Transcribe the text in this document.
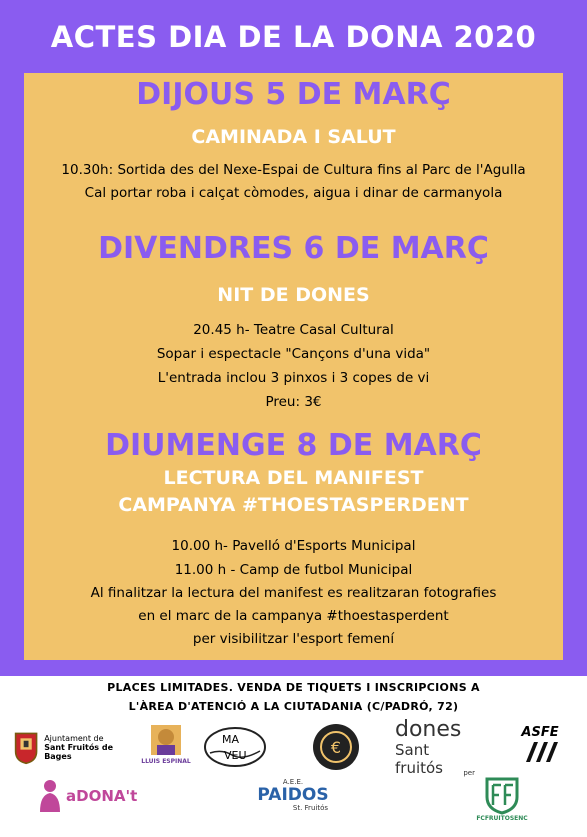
ACTES DIA DE LA DONA 2020
DIJOUS 5 DE MARÇ
CAMINADA I SALUT
10.30h: Sortida des del Nexe-Espai de Cultura fins al Parc de l'Agulla
Cal portar roba i calçat còmodes, aigua i dinar de carmanyola
DIVENDRES 6 DE MARÇ
NIT DE DONES
20.45 h- Teatre Casal Cultural
Sopar i espectacle "Cançons d'una vida"
L'entrada inclou 3 pinxos i 3 copes de vi
Preu: 3€
DIUMENGE 8 DE MARÇ
LECTURA DEL MANIFEST
CAMPANYA #THOESTASPERDENT
10.00 h- Pavelló d'Esports Municipal
11.00 h - Camp de futbol Municipal
Al finalitzar la lectura del manifest es realitzaran fotografies
en el marc de la campanya #thoestasperdent
per visibilitzar l'esport femení
PLACES LIMITADES. VENDA DE TIQUETS I INSCRIPCIONS A
L'ÀREA D'ATENCIÓ A LA CIUTADANIA (C/PADRÓ, 72)
Ajuntament de
Sant Fruitós de Bages	LLUIS ESPINAL
MA
VEU	€
dones
Sant fruitós	per
ASFE
aDONA't
A.E.E.
PAIDOS
St. Fruitós
FCFRUITOSENC
